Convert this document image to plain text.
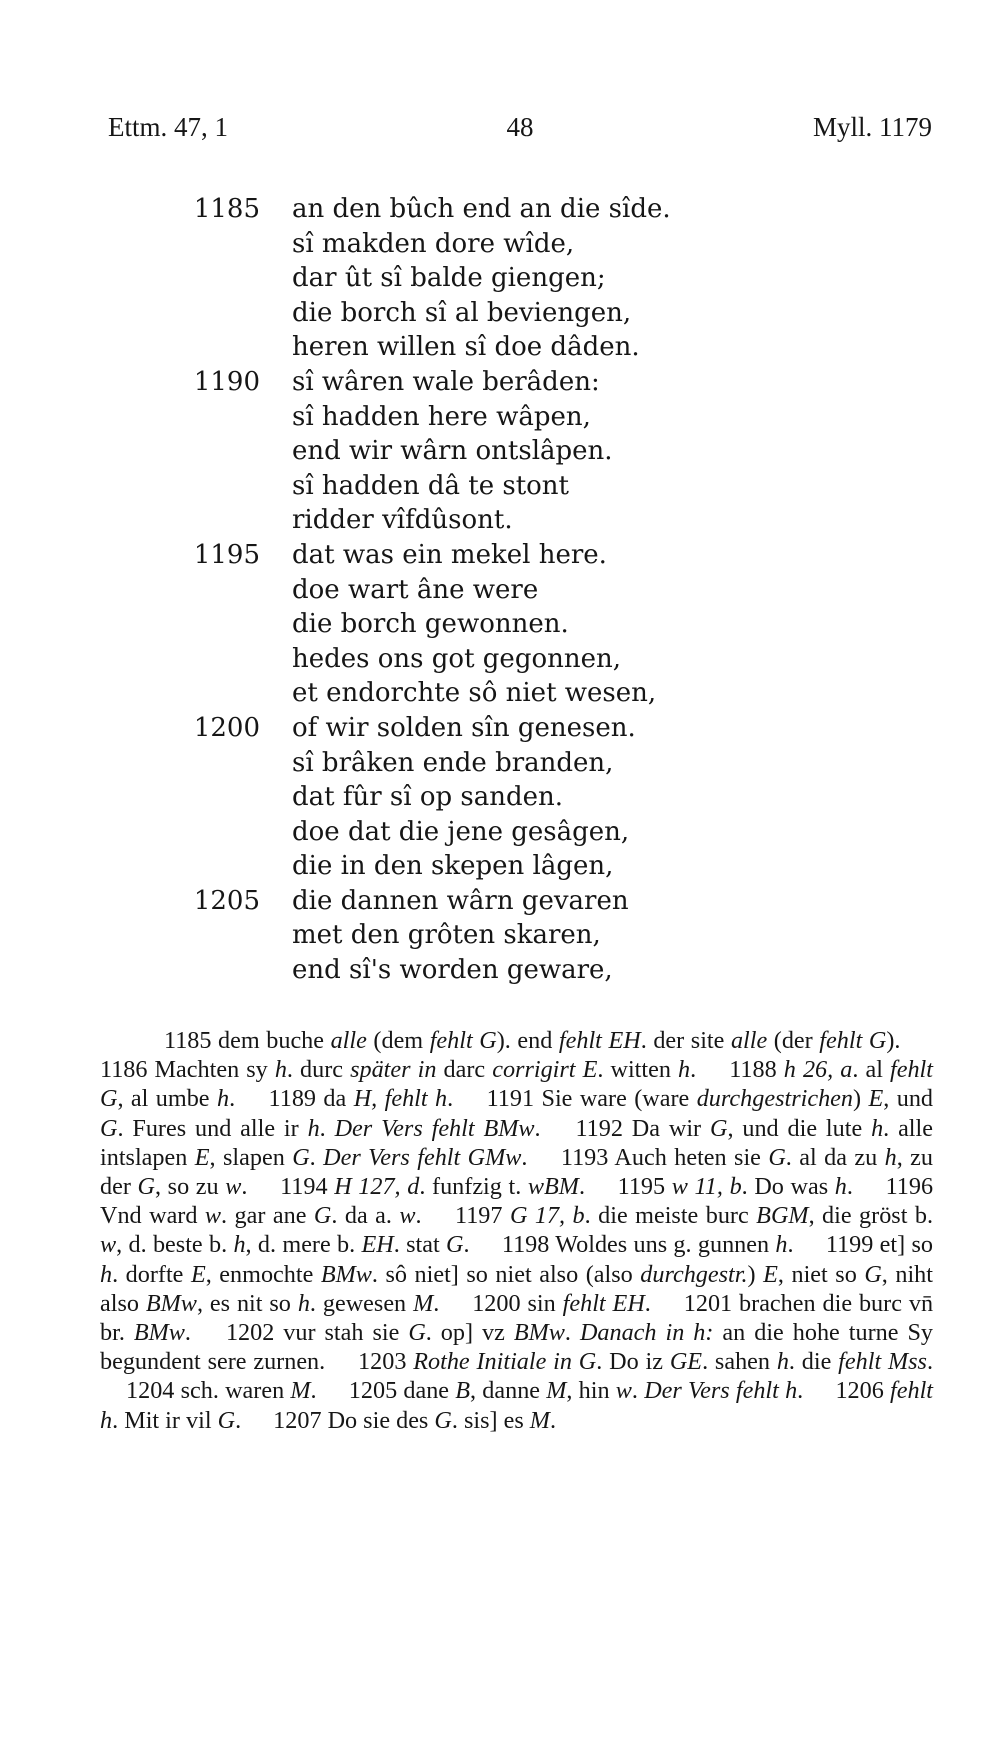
Ettm. 47, 1	48	Myll. 1179
1185 an den bûch end an die sîde.
sî makden dore wîde,
dar ût sî balde giengen;
die borch sî al beviengen,
heren willen sî doe dâden.
1190 sî wâren wale berâden:
sî hadden here wâpen,
end wir wârn ontslâpen.
sî hadden dâ te stont
ridder vîfdûsont.
1195 dat was ein mekel here.
doe wart âne were
die borch gewonnen.
hedes ons got gegonnen,
et endorchte sô niet wesen,
1200 of wir solden sîn genesen.
sî brâken ende branden,
dat fûr sî op sanden.
doe dat die jene gesâgen,
die in den skepen lâgen,
1205 die dannen wârn gevaren
met den grôten skaren,
end sî's worden geware,
1185 dem buche alle (dem fehlt G). end fehlt EH. der site alle (der fehlt G). 1186 Machten sy h. durc später in darc corrigirt E. witten h. 1188 h 26, a. al fehlt G, al umbe h. 1189 da H, fehlt h. 1191 Sie ware (ware durchgestrichen) E, und G. Fures und alle ir h. Der Vers fehlt BMw. 1192 Da wir G, und die lute h. alle intslapen E, slapen G. Der Vers fehlt GMw. 1193 Auch heten sie G. al da zu h, zu der G, so zu w. 1194 H 127, d. funfzig t. wBM. 1195 w 11, b. Do was h. 1196 Vnd ward w. gar ane G. da a. w. 1197 G 17, b. die meiste burc BGM, die gröst b. w, d. beste b. h, d. mere b. EH. stat G. 1198 Woldes uns g. gunnen h. 1199 et] so h. dorfte E, enmochte BMw. sô niet] so niet also (also durchgestr.) E, niet so G, niht also BMw, es nit so h. gewesen M. 1200 sin fehlt EH. 1201 brachen die burc vn̄ br. BMw. 1202 vur stah sie G. op] vz BMw. Danach in h: an die hohe turne Sy begundent sere zurnen. 1203 Rothe Initiale in G. Do iz GE. sahen h. die fehlt Mss. 1204 sch. waren M. 1205 dane B, danne M, hin w. Der Vers fehlt h. 1206 fehlt h. Mit ir vil G. 1207 Do sie des G. sis] es M.
